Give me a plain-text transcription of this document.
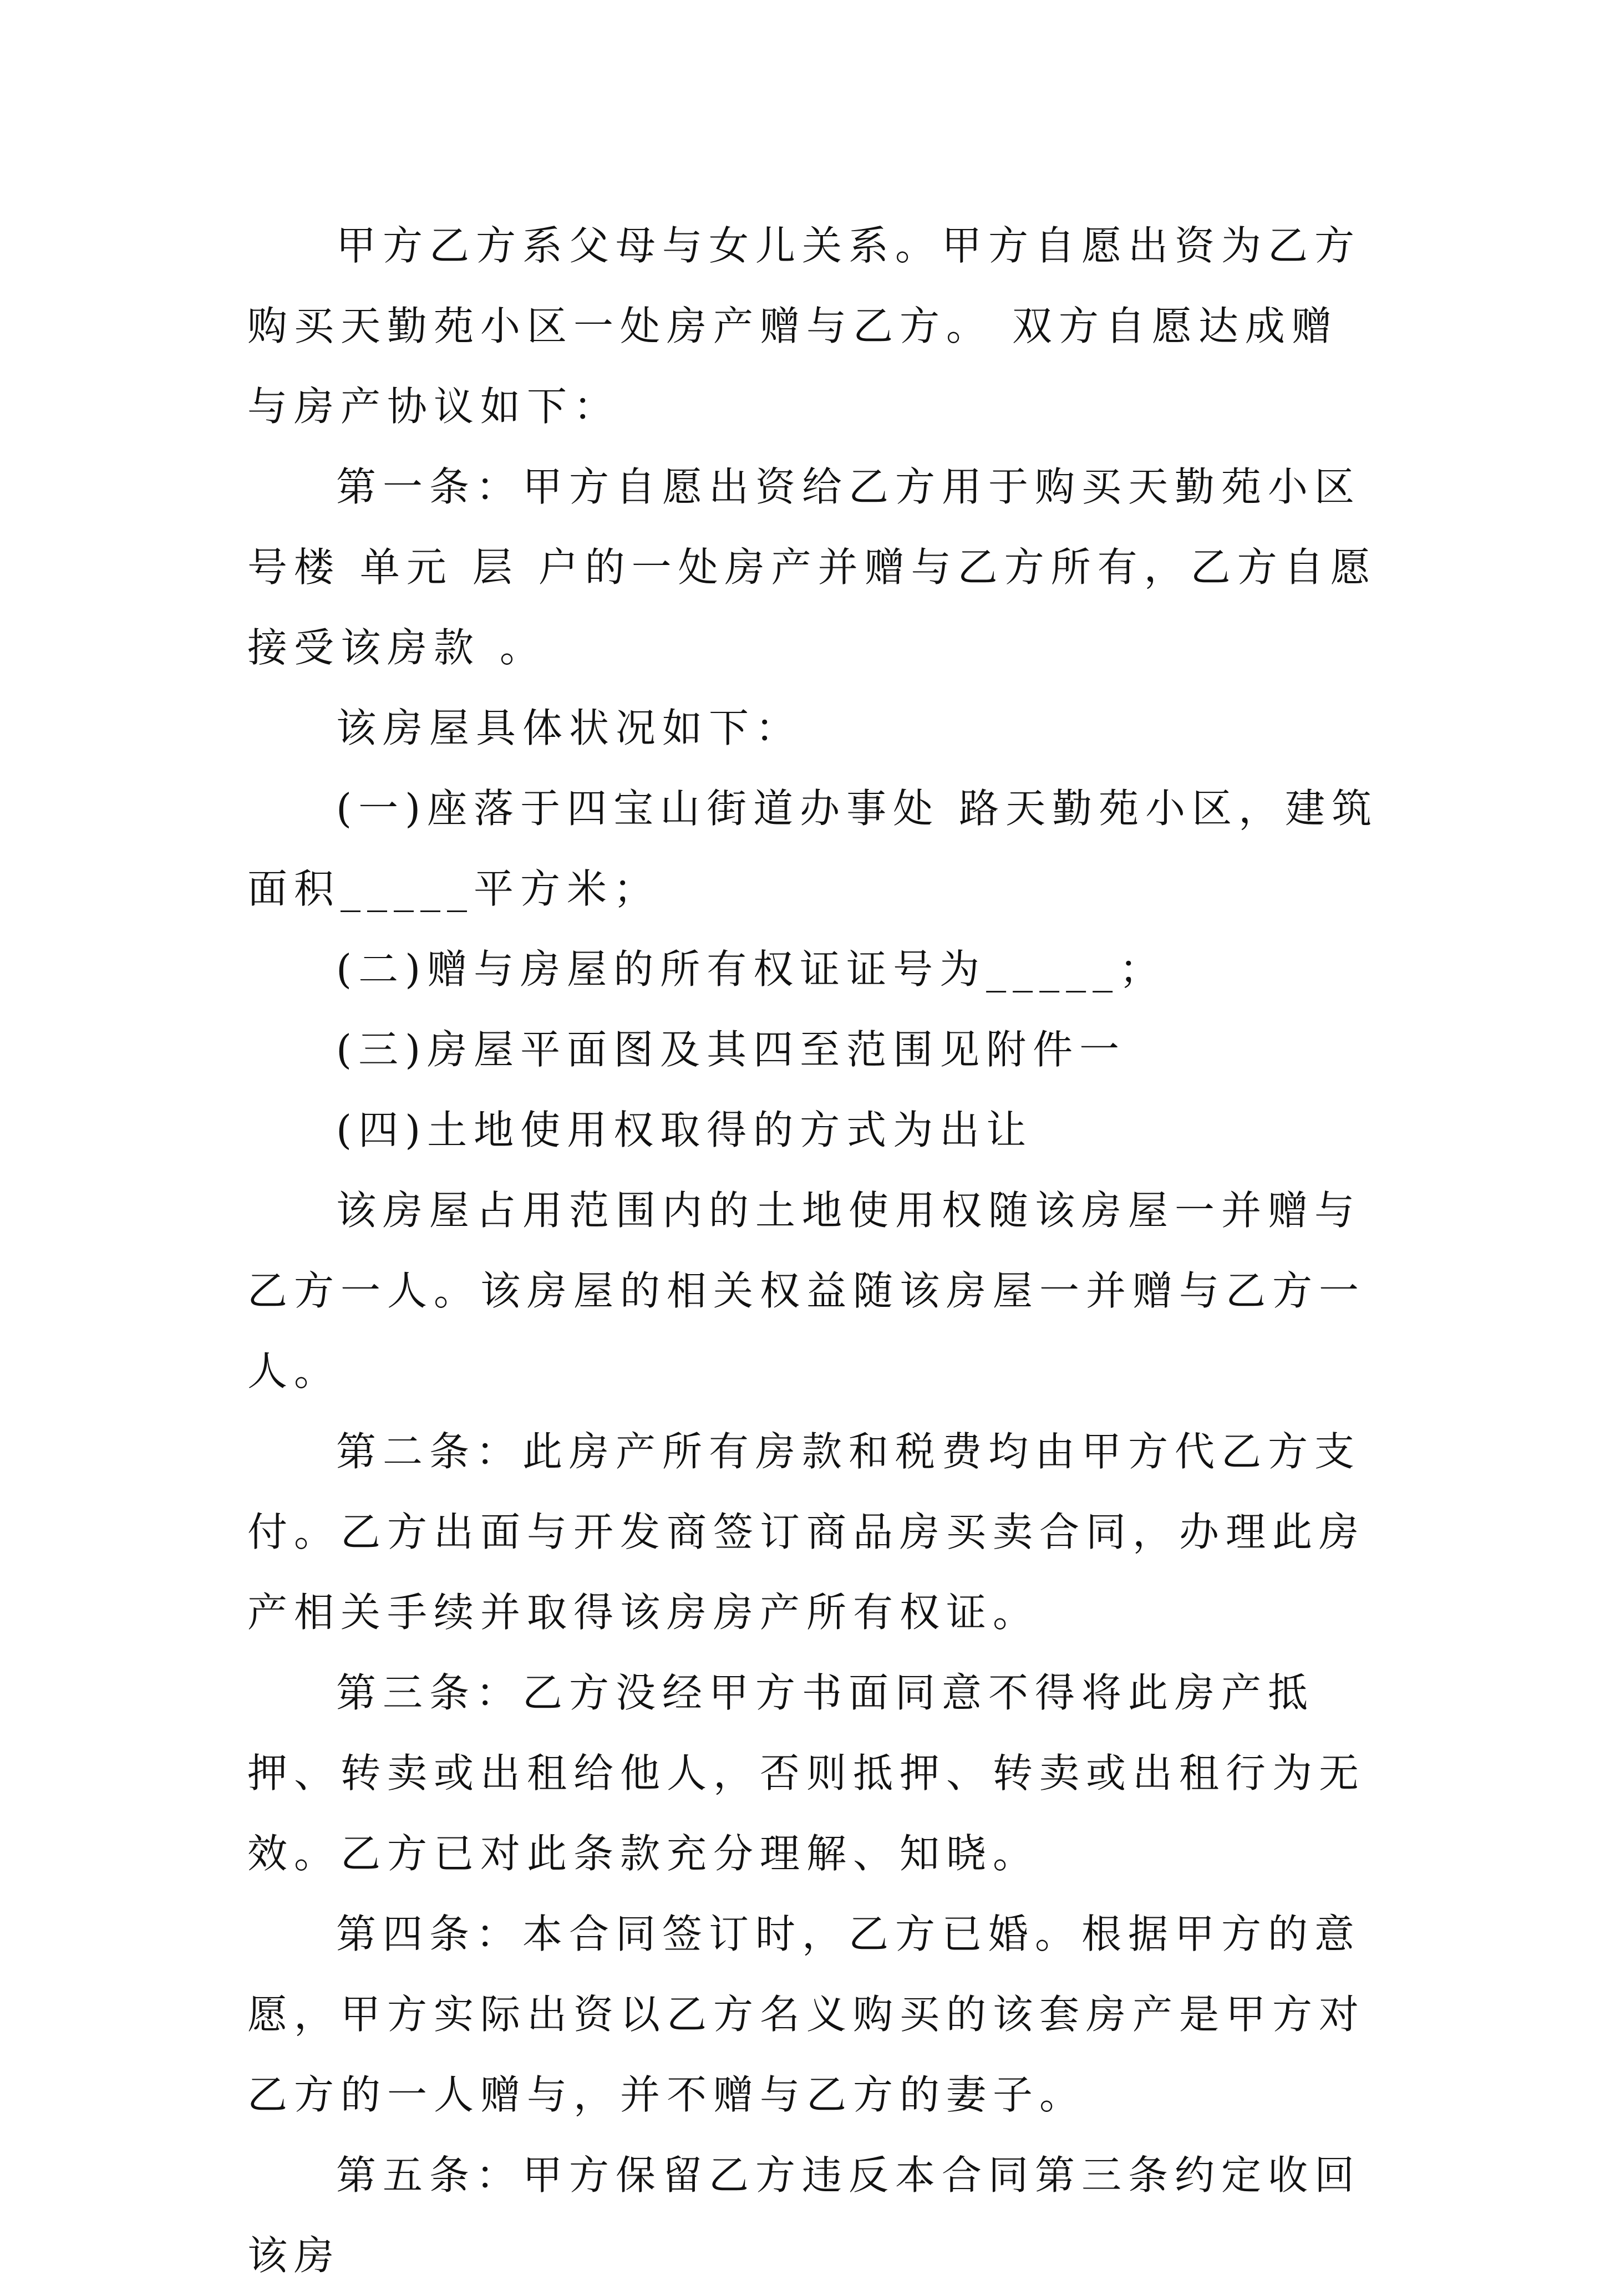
甲方乙方系父母与女儿关系。甲方自愿出资为乙方购买天勤苑小区一处房产赠与乙方。 双方自愿达成赠与房产协议如下：

第一条：甲方自愿出资给乙方用于购买天勤苑小区号楼 单元 层 户的一处房产并赠与乙方所有，乙方自愿接受该房款 。

该房屋具体状况如下：

(一)座落于四宝山街道办事处 路天勤苑小区，建筑面积_____平方米；

(二)赠与房屋的所有权证证号为_____；

(三)房屋平面图及其四至范围见附件一

(四)土地使用权取得的方式为出让

该房屋占用范围内的土地使用权随该房屋一并赠与乙方一人。该房屋的相关权益随该房屋一并赠与乙方一人。

第二条：此房产所有房款和税费均由甲方代乙方支付。乙方出面与开发商签订商品房买卖合同，办理此房产相关手续并取得该房房产所有权证。

第三条：乙方没经甲方书面同意不得将此房产抵押、转卖或出租给他人，否则抵押、转卖或出租行为无效。乙方已对此条款充分理解、知晓。

第四条：本合同签订时，乙方已婚。根据甲方的意愿，甲方实际出资以乙方名义购买的该套房产是甲方对乙方的一人赠与，并不赠与乙方的妻子。

第五条：甲方保留乙方违反本合同第三条约定收回该房
